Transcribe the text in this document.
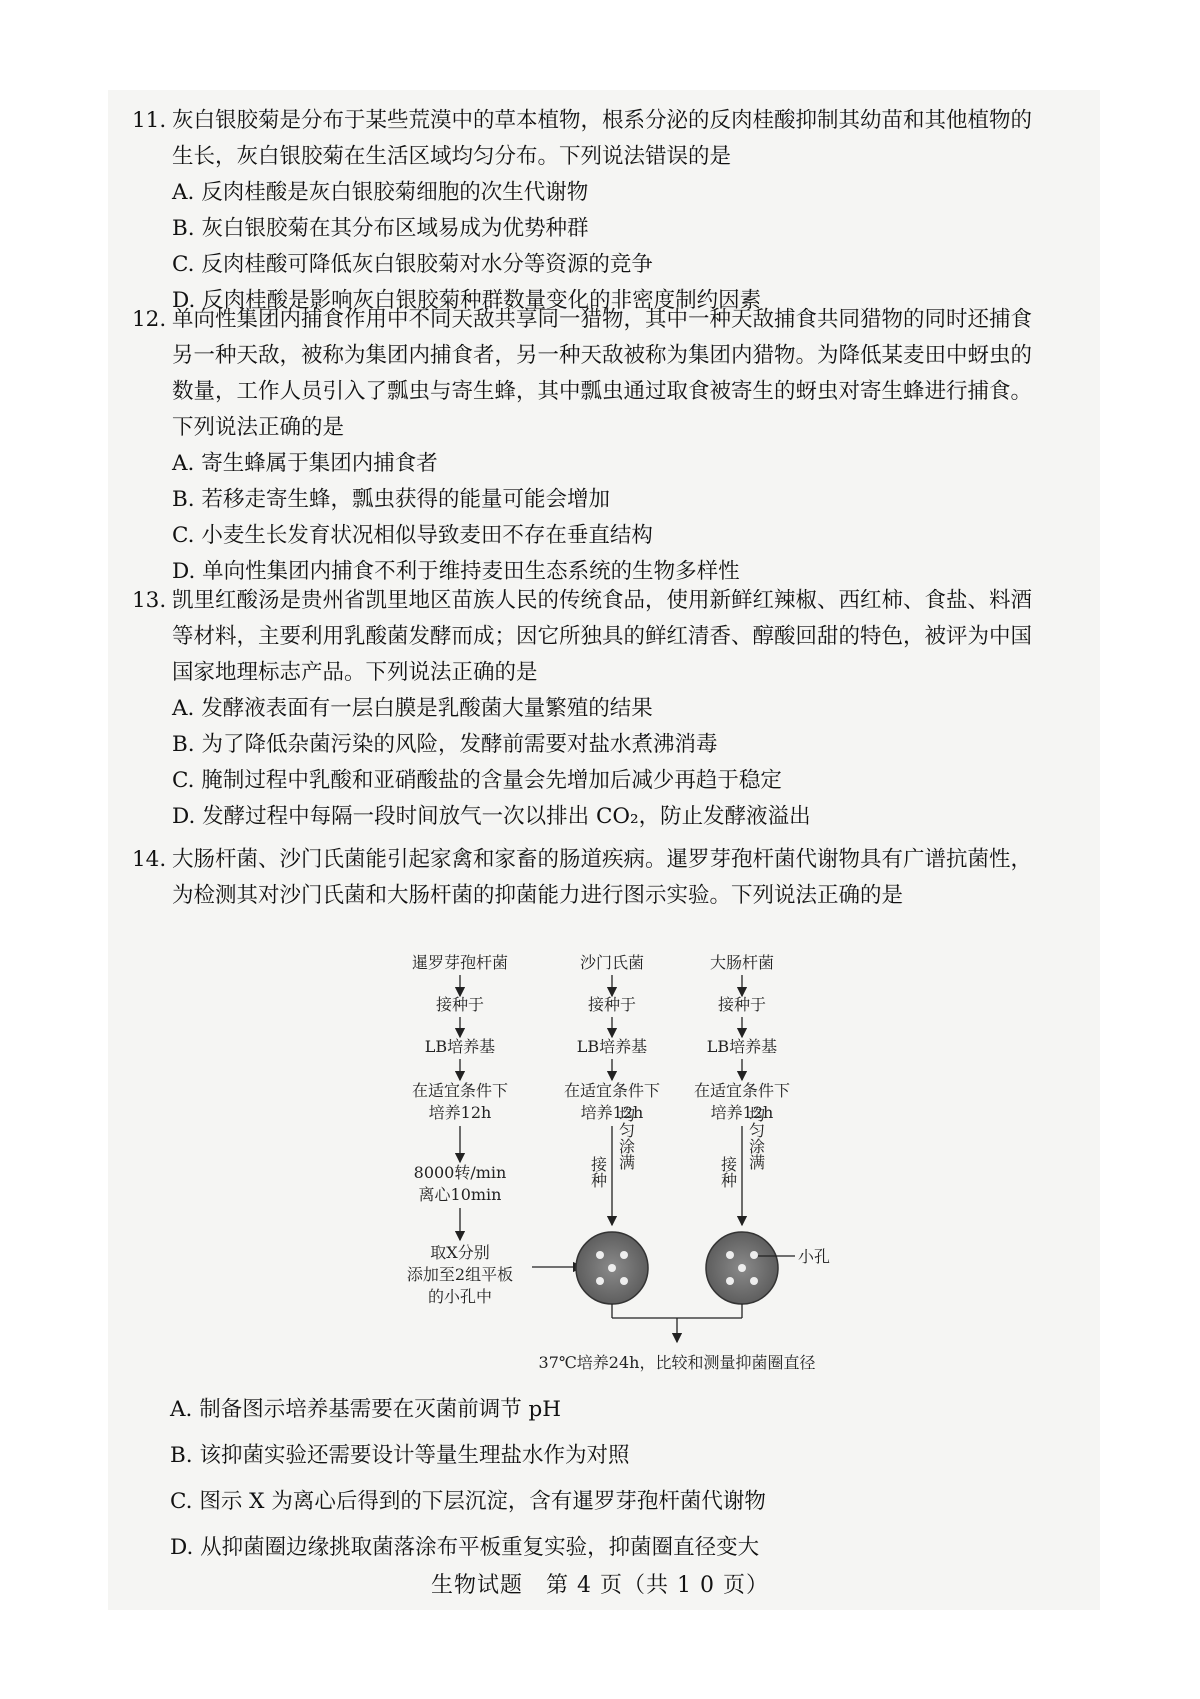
11. 灰白银胶菊是分布于某些荒漠中的草本植物，根系分泌的反肉桂酸抑制其幼苗和其他植物的生长，灰白银胶菊在生活区域均匀分布。下列说法错误的是
A. 反肉桂酸是灰白银胶菊细胞的次生代谢物
B. 灰白银胶菊在其分布区域易成为优势种群
C. 反肉桂酸可降低灰白银胶菊对水分等资源的竞争
D. 反肉桂酸是影响灰白银胶菊种群数量变化的非密度制约因素
12. 单向性集团内捕食作用中不同天敌共享同一猎物，其中一种天敌捕食共同猎物的同时还捕食另一种天敌，被称为集团内捕食者，另一种天敌被称为集团内猎物。为降低某麦田中蚜虫的数量，工作人员引入了瓢虫与寄生蜂，其中瓢虫通过取食被寄生的蚜虫对寄生蜂进行捕食。下列说法正确的是
A. 寄生蜂属于集团内捕食者
B. 若移走寄生蜂，瓢虫获得的能量可能会增加
C. 小麦生长发育状况相似导致麦田不存在垂直结构
D. 单向性集团内捕食不利于维持麦田生态系统的生物多样性
13. 凯里红酸汤是贵州省凯里地区苗族人民的传统食品，使用新鲜红辣椒、西红柿、食盐、料酒等材料，主要利用乳酸菌发酵而成；因它所独具的鲜红清香、醇酸回甜的特色，被评为中国国家地理标志产品。下列说法正确的是
A. 发酵液表面有一层白膜是乳酸菌大量繁殖的结果
B. 为了降低杂菌污染的风险，发酵前需要对盐水煮沸消毒
C. 腌制过程中乳酸和亚硝酸盐的含量会先增加后减少再趋于稳定
D. 发酵过程中每隔一段时间放气一次以排出 CO₂，防止发酵液溢出
14. 大肠杆菌、沙门氏菌能引起家禽和家畜的肠道疾病。暹罗芽孢杆菌代谢物具有广谱抗菌性，为检测其对沙门氏菌和大肠杆菌的抑菌能力进行图示实验。下列说法正确的是
暹罗芽孢杆菌
接种于
LB培养基
在适宜条件下
培养12h
8000转/min
离心10min
取X分别
添加至2组平板
的小孔中
沙门氏菌
接种于
LB培养基
在适宜条件下
培养12h
接种
均匀涂满
大肠杆菌
接种于
LB培养基
在适宜条件下
培养12h
接种
均匀涂满
小孔
37℃培养24h，比较和测量抑菌圈直径
A. 制备图示培养基需要在灭菌前调节 pH
B. 该抑菌实验还需要设计等量生理盐水作为对照
C. 图示 X 为离心后得到的下层沉淀，含有暹罗芽孢杆菌代谢物
D. 从抑菌圈边缘挑取菌落涂布平板重复实验，抑菌圈直径变大
生物试题　第 4 页（共 1 0 页）
